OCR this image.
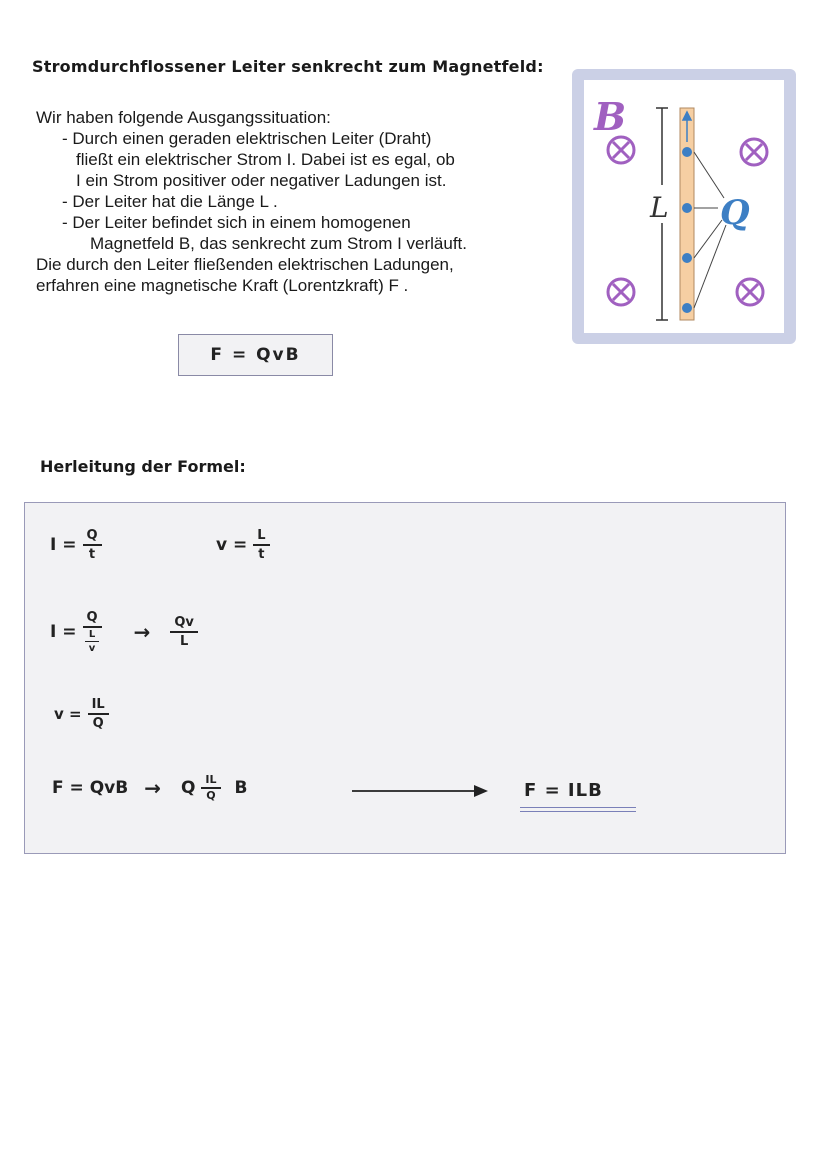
Stromdurchflossener Leiter senkrecht zum Magnetfeld:
Wir haben folgende Ausgangssituation:
- Durch einen geraden elektrischen Leiter (Draht)
fließt ein elektrischer Strom I. Dabei ist es egal, ob
I ein Strom positiver oder negativer Ladungen ist.
- Der Leiter hat die Länge L .
- Der Leiter befindet sich in einem homogenen
Magnetfeld B, das senkrecht zum Strom I verläuft.
Die durch den Leiter fließenden elektrischen Ladungen,
erfahren eine magnetische Kraft (Lorentzkraft) F .
F = QvB
B
L Q
Herleitung der Formel:
$I = \frac{Q}{t}$	$v = \frac{L}{t}$
$I = \frac{Q}{\frac{L}{v}} \to \frac{Qv}{L}$
$v = \frac{IL}{Q}$
F = QvB → Q $\frac{IL}{Q}$ B	F = ILB
